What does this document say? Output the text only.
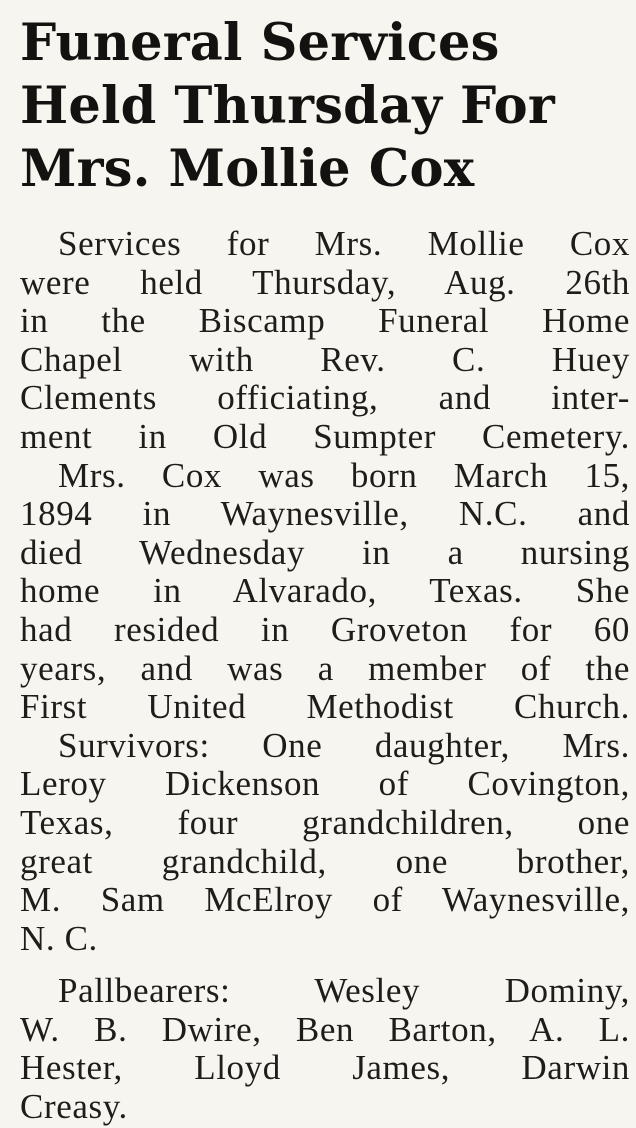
Funeral Services
Held Thursday For
Mrs. Mollie Cox
Services for Mrs. Mollie Cox
were held Thursday, Aug. 26th
in the Biscamp Funeral Home
Chapel with Rev. C. Huey
Clements officiating, and inter-
ment in Old Sumpter Cemetery.
Mrs. Cox was born March 15,
1894 in Waynesville, N.C. and
died Wednesday in a nursing
home in Alvarado, Texas. She
had resided in Groveton for 60
years, and was a member of the
First United Methodist Church.
Survivors: One daughter, Mrs.
Leroy Dickenson of Covington,
Texas, four grandchildren, one
great grandchild, one brother,
M. Sam McElroy of Waynesville,
N. C.
Pallbearers: Wesley Dominy,
W. B. Dwire, Ben Barton, A. L.
Hester, Lloyd James, Darwin
Creasy.
